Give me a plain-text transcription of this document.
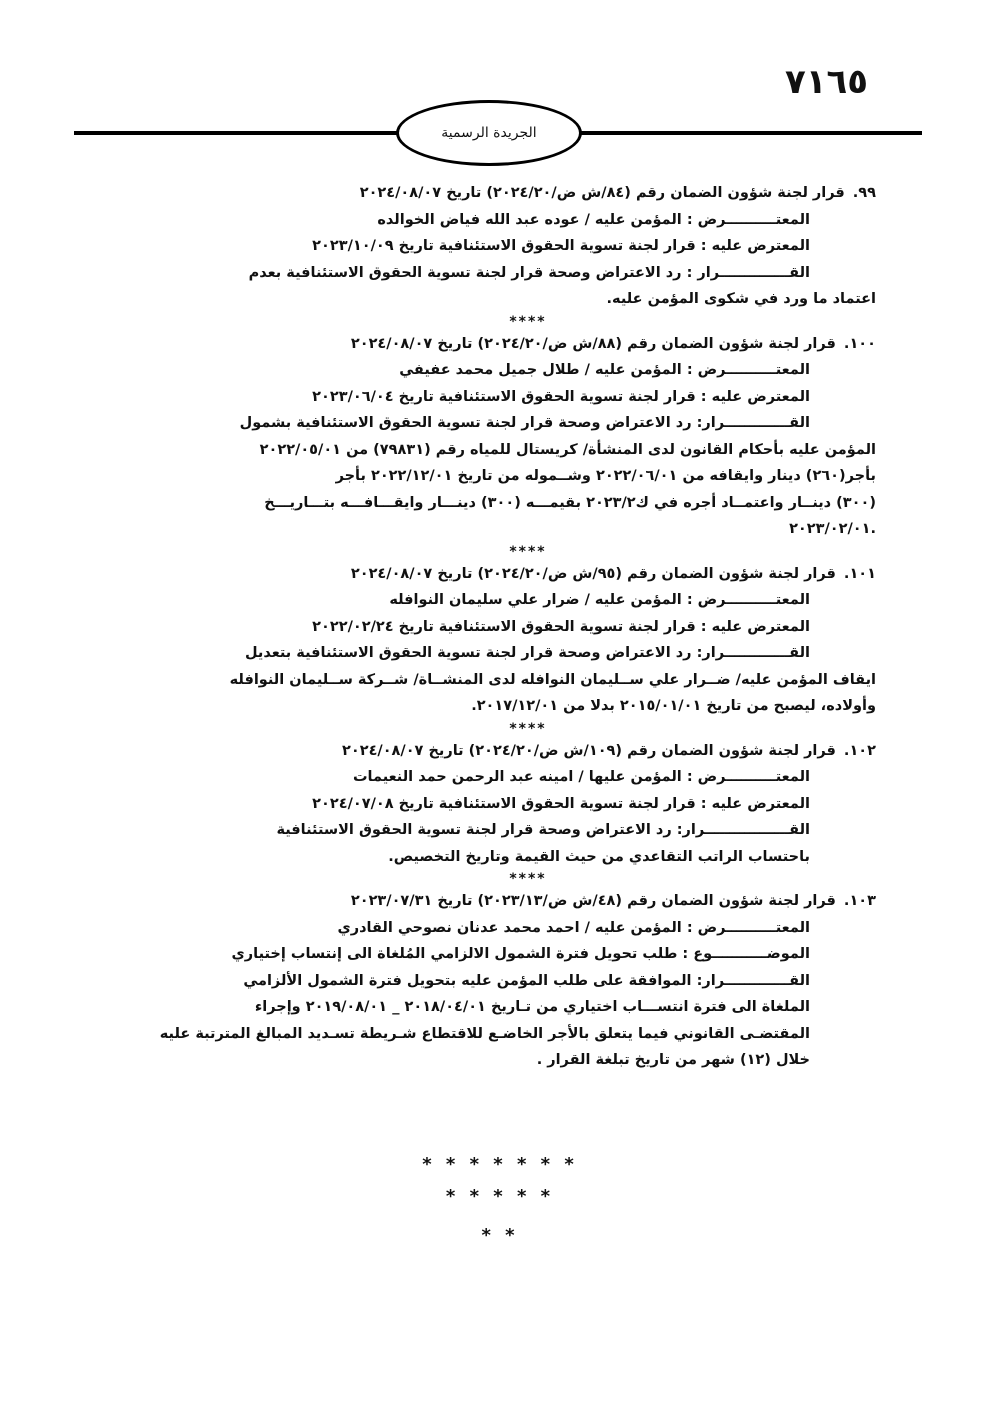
٧١٦٥
الجريدة الرسمية
٩٩.قرار لجنة شؤون الضمان رقم (٨٤/ش ض/٢٠٢٤/٢٠) تاريخ ٢٠٢٤/٠٨/٠٧
المعتــــــــــرض : المؤمن عليه / عوده عبد الله فياض الخوالده
المعترض عليه : قرار لجنة تسوية الحقوق الاستئنافية تاريخ ٢٠٢٣/١٠/٠٩
القــــــــــــــرار : رد الاعتراض وصحة قرار لجنة تسوية الحقوق الاستئنافية بعدم
اعتماد ما ورد في شكوى المؤمن عليه.
****
١٠٠.قرار لجنة شؤون الضمان رقم (٨٨/ش ض/٢٠٢٤/٢٠) تاريخ ٢٠٢٤/٠٨/٠٧
المعتــــــــــرض : المؤمن عليه / طلال جميل محمد عفيفي
المعترض عليه : قرار لجنة تسوية الحقوق الاستئنافية تاريخ ٢٠٢٣/٠٦/٠٤
القـــــــــــــرار: رد الاعتراض وصحة قرار لجنة تسوية الحقوق الاستئنافية بشمول
المؤمن عليه بأحكام القانون لدى المنشأة/ كريستال للمياه رقم (٧٩٨٣١) من ٢٠٢٢/٠٥/٠١
بأجر(٢٦٠) دينار وايقافه من ٢٠٢٢/٠٦/٠١ وشــموله من تاريخ ٢٠٢٢/١٢/٠١ بأجر
(٣٠٠) دينــار واعتمــاد أجره في ك٢٠٢٣/٢ بقيمـــه (٣٠٠) دينـــار وايقـــافـــه بتـــاريـــخ
.٢٠٢٣/٠٢/٠١
****
١٠١.قرار لجنة شؤون الضمان رقم (٩٥/ش ض/٢٠٢٤/٢٠) تاريخ ٢٠٢٤/٠٨/٠٧
المعتــــــــــرض : المؤمن عليه / ضرار علي سليمان النوافله
المعترض عليه : قرار لجنة تسوية الحقوق الاستئنافية تاريخ ٢٠٢٢/٠٢/٢٤
القـــــــــــــرار: رد الاعتراض وصحة قرار لجنة تسوية الحقوق الاستئنافية بتعديل
ايقاف المؤمن عليه/ ضــرار علي ســليمان النوافله لدى المنشــاة/ شــركة ســليمان النوافله
وأولاده، ليصبح من تاريخ ٢٠١٥/٠١/٠١ بدلا من ٢٠١٧/١٢/٠١.
****
١٠٢.قرار لجنة شؤون الضمان رقم (١٠٩/ش ض/٢٠٢٤/٢٠) تاريخ ٢٠٢٤/٠٨/٠٧
المعتــــــــــرض : المؤمن عليها / امينه عبد الرحمن حمد النعيمات
المعترض عليه : قرار لجنة تسوية الحقوق الاستئنافية تاريخ ٢٠٢٤/٠٧/٠٨
القـــــــــــــــــرار: رد الاعتراض وصحة قرار لجنة تسوية الحقوق الاستئنافية
باحتساب الراتب التقاعدي من حيث القيمة وتاريخ التخصيص.
****
١٠٣.قرار لجنة شؤون الضمان رقم (٤٨/ش ض/٢٠٢٣/١٣) تاريخ ٢٠٢٣/٠٧/٣١
المعتــــــــــرض : المؤمن عليه / احمد محمد عدنان نصوحي القادري
الموضـــــــــــوع : طلب تحويل فترة الشمول الالزامي المُلغاة الى إنتساب إختياري
القـــــــــــــرار: الموافقة على طلب المؤمن عليه بتحويل فترة الشمول الألزامي
الملغاة الى فترة انتســـاب اختياري من تـاريخ ٢٠١٨/٠٤/٠١ _ ٢٠١٩/٠٨/٠١ وإجراء
المقتضـى القانوني فيما يتعلق بالأجر الخاضـع للاقتطاع شـريطة تسـديد المبالغ المترتبة عليه
خلال (١٢) شهر من تاريخ تبلغة القرار .
* * * * * * *
* * * * *
* *
